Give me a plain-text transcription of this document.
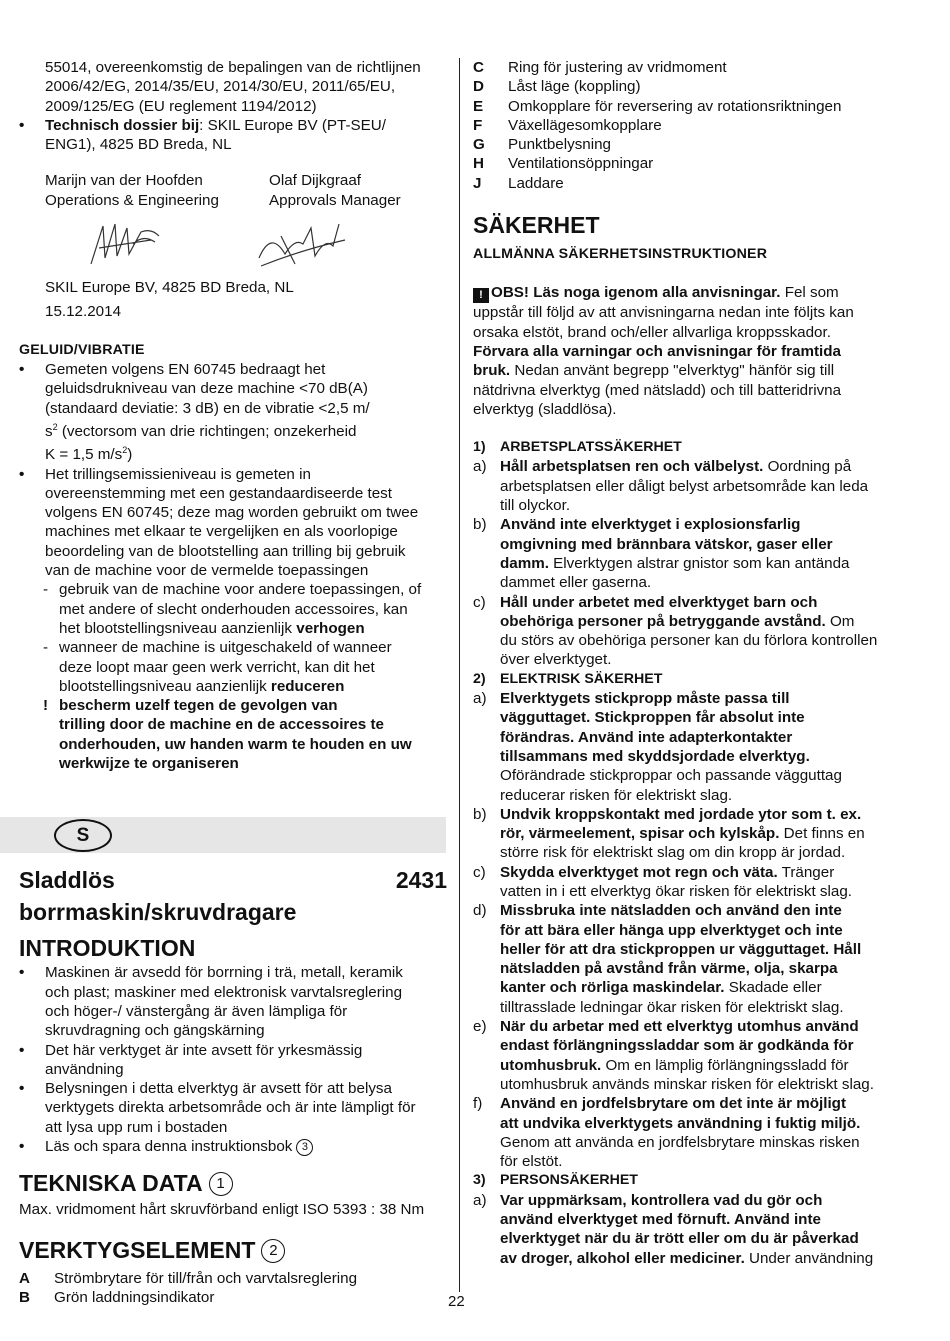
55014, overeenkomstig de bepalingen van de richtlijnen
2006/42/EG, 2014/35/EU, 2014/30/EU, 2011/65/EU,
2009/125/EG (EU reglement 1194/2012)
• Technisch dossier bij: SKIL Europe BV (PT-SEU/
ENG1), 4825 BD Breda, NL
Marijn van der Hoofden
Operations & Engineering
Olaf Dijkgraaf
Approvals Manager
SKIL Europe BV, 4825 BD Breda, NL
15.12.2014
GELUID/VIBRATIE
• Gemeten volgens EN 60745 bedraagt het
geluidsdrukniveau van deze machine <70 dB(A)
(standaard deviatie: 3 dB) en de vibratie <2,5 m/
$s^2$ (vectorsom van drie richtingen; onzekerheid
K = 1,5 $m/s^2$)
• Het trillingsemissieniveau is gemeten in
overeenstemming met een gestandaardiseerde test
volgens EN 60745; deze mag worden gebruikt om twee
machines met elkaar te vergelijken en als voorlopige
beoordeling van de blootstelling aan trilling bij gebruik
van de machine voor de vermelde toepassingen
- gebruik van de machine voor andere toepassingen, of
met andere of slecht onderhouden accessoires, kan
het blootstellingsniveau aanzienlijk verhogen
- wanneer de machine is uitgeschakeld of wanneer
deze loopt maar geen werk verricht, kan dit het
blootstellingsniveau aanzienlijk reduceren
! bescherm uzelf tegen de gevolgen van
trilling door de machine en de accessoires te
onderhouden, uw handen warm te houden en uw
werkwijze te organiseren
S
Sladdlös	2431
borrmaskin/skruvdragare
INTRODUKTION
• Maskinen är avsedd för borrning i trä, metall, keramik
och plast; maskiner med elektronisk varvtalsreglering
och höger-/ vänstergång är även lämpliga för
skruvdragning och gängskärning
• Det här verktyget är inte avsett för yrkesmässig
användning
• Belysningen i detta elverktyg är avsett för att belysa
verktygets direkta arbetsområde och är inte lämpligt för
att lysa upp rum i bostaden
• Läs och spara denna instruktionsbok 3
TEKNISKA DATA 1
Max. vridmoment hårt skruvförband enligt ISO 5393 : 38 Nm
VERKTYGSELEMENT 2
A Strömbrytare för till/från och varvtalsreglering
B Grön laddningsindikator
C Ring för justering av vridmoment
D Låst läge (koppling)
E Omkopplare för reversering av rotationsriktningen
F Växellägesomkopplare
G Punktbelysning
H Ventilationsöppningar
J Laddare
SÄKERHET
ALLMÄNNA SÄKERHETSINSTRUKTIONER
! OBS! Läs noga igenom alla anvisningar. Fel som
uppstår till följd av att anvisningarna nedan inte följts kan
orsaka elstöt, brand och/eller allvarliga kroppsskador.
Förvara alla varningar och anvisningar för framtida
bruk. Nedan använt begrepp "elverktyg" hänför sig till
nätdrivna elverktyg (med nätsladd) och till batteridrivna
elverktyg (sladdlösa).
1) ARBETSPLATSSÄKERHET
a) Håll arbetsplatsen ren och välbelyst. Oordning på
arbetsplatsen eller dåligt belyst arbetsområde kan leda
till olyckor.
b) Använd inte elverktyget i explosionsfarlig
omgivning med brännbara vätskor, gaser eller
damm. Elverktygen alstrar gnistor som kan antända
dammet eller gaserna.
c) Håll under arbetet med elverktyget barn och
obehöriga personer på betryggande avstånd. Om
du störs av obehöriga personer kan du förlora kontrollen
över elverktyget.
2) ELEKTRISK SÄKERHET
a) Elverktygets stickpropp måste passa till
vägguttaget. Stickproppen får absolut inte
förändras. Använd inte adapterkontakter
tillsammans med skyddsjordade elverktyg.
Oförändrade stickproppar och passande vägguttag
reducerar risken för elektriskt slag.
b) Undvik kroppskontakt med jordade ytor som t. ex.
rör, värmeelement, spisar och kylskåp. Det finns en
större risk för elektriskt slag om din kropp är jordad.
c) Skydda elverktyget mot regn och väta. Tränger
vatten in i ett elverktyg ökar risken för elektriskt slag.
d) Missbruka inte nätsladden och använd den inte
för att bära eller hänga upp elverktyget och inte
heller för att dra stickproppen ur vägguttaget. Håll
nätsladden på avstånd från värme, olja, skarpa
kanter och rörliga maskindelar. Skadade eller
tilltrasslade ledningar ökar risken för elektriskt slag.
e) När du arbetar med ett elverktyg utomhus använd
endast förlängningssladdar som är godkända för
utomhusbruk. Om en lämplig förlängningssladd för
utomhusbruk används minskar risken för elektriskt slag.
f) Använd en jordfelsbrytare om det inte är möjligt
att undvika elverktygets användning i fuktig miljö.
Genom att använda en jordfelsbrytare minskas risken
för elstöt.
3) PERSONSÄKERHET
a) Var uppmärksam, kontrollera vad du gör och
använd elverktyget med förnuft. Använd inte
elverktyget när du är trött eller om du är påverkad
av droger, alkohol eller mediciner. Under användning
22
